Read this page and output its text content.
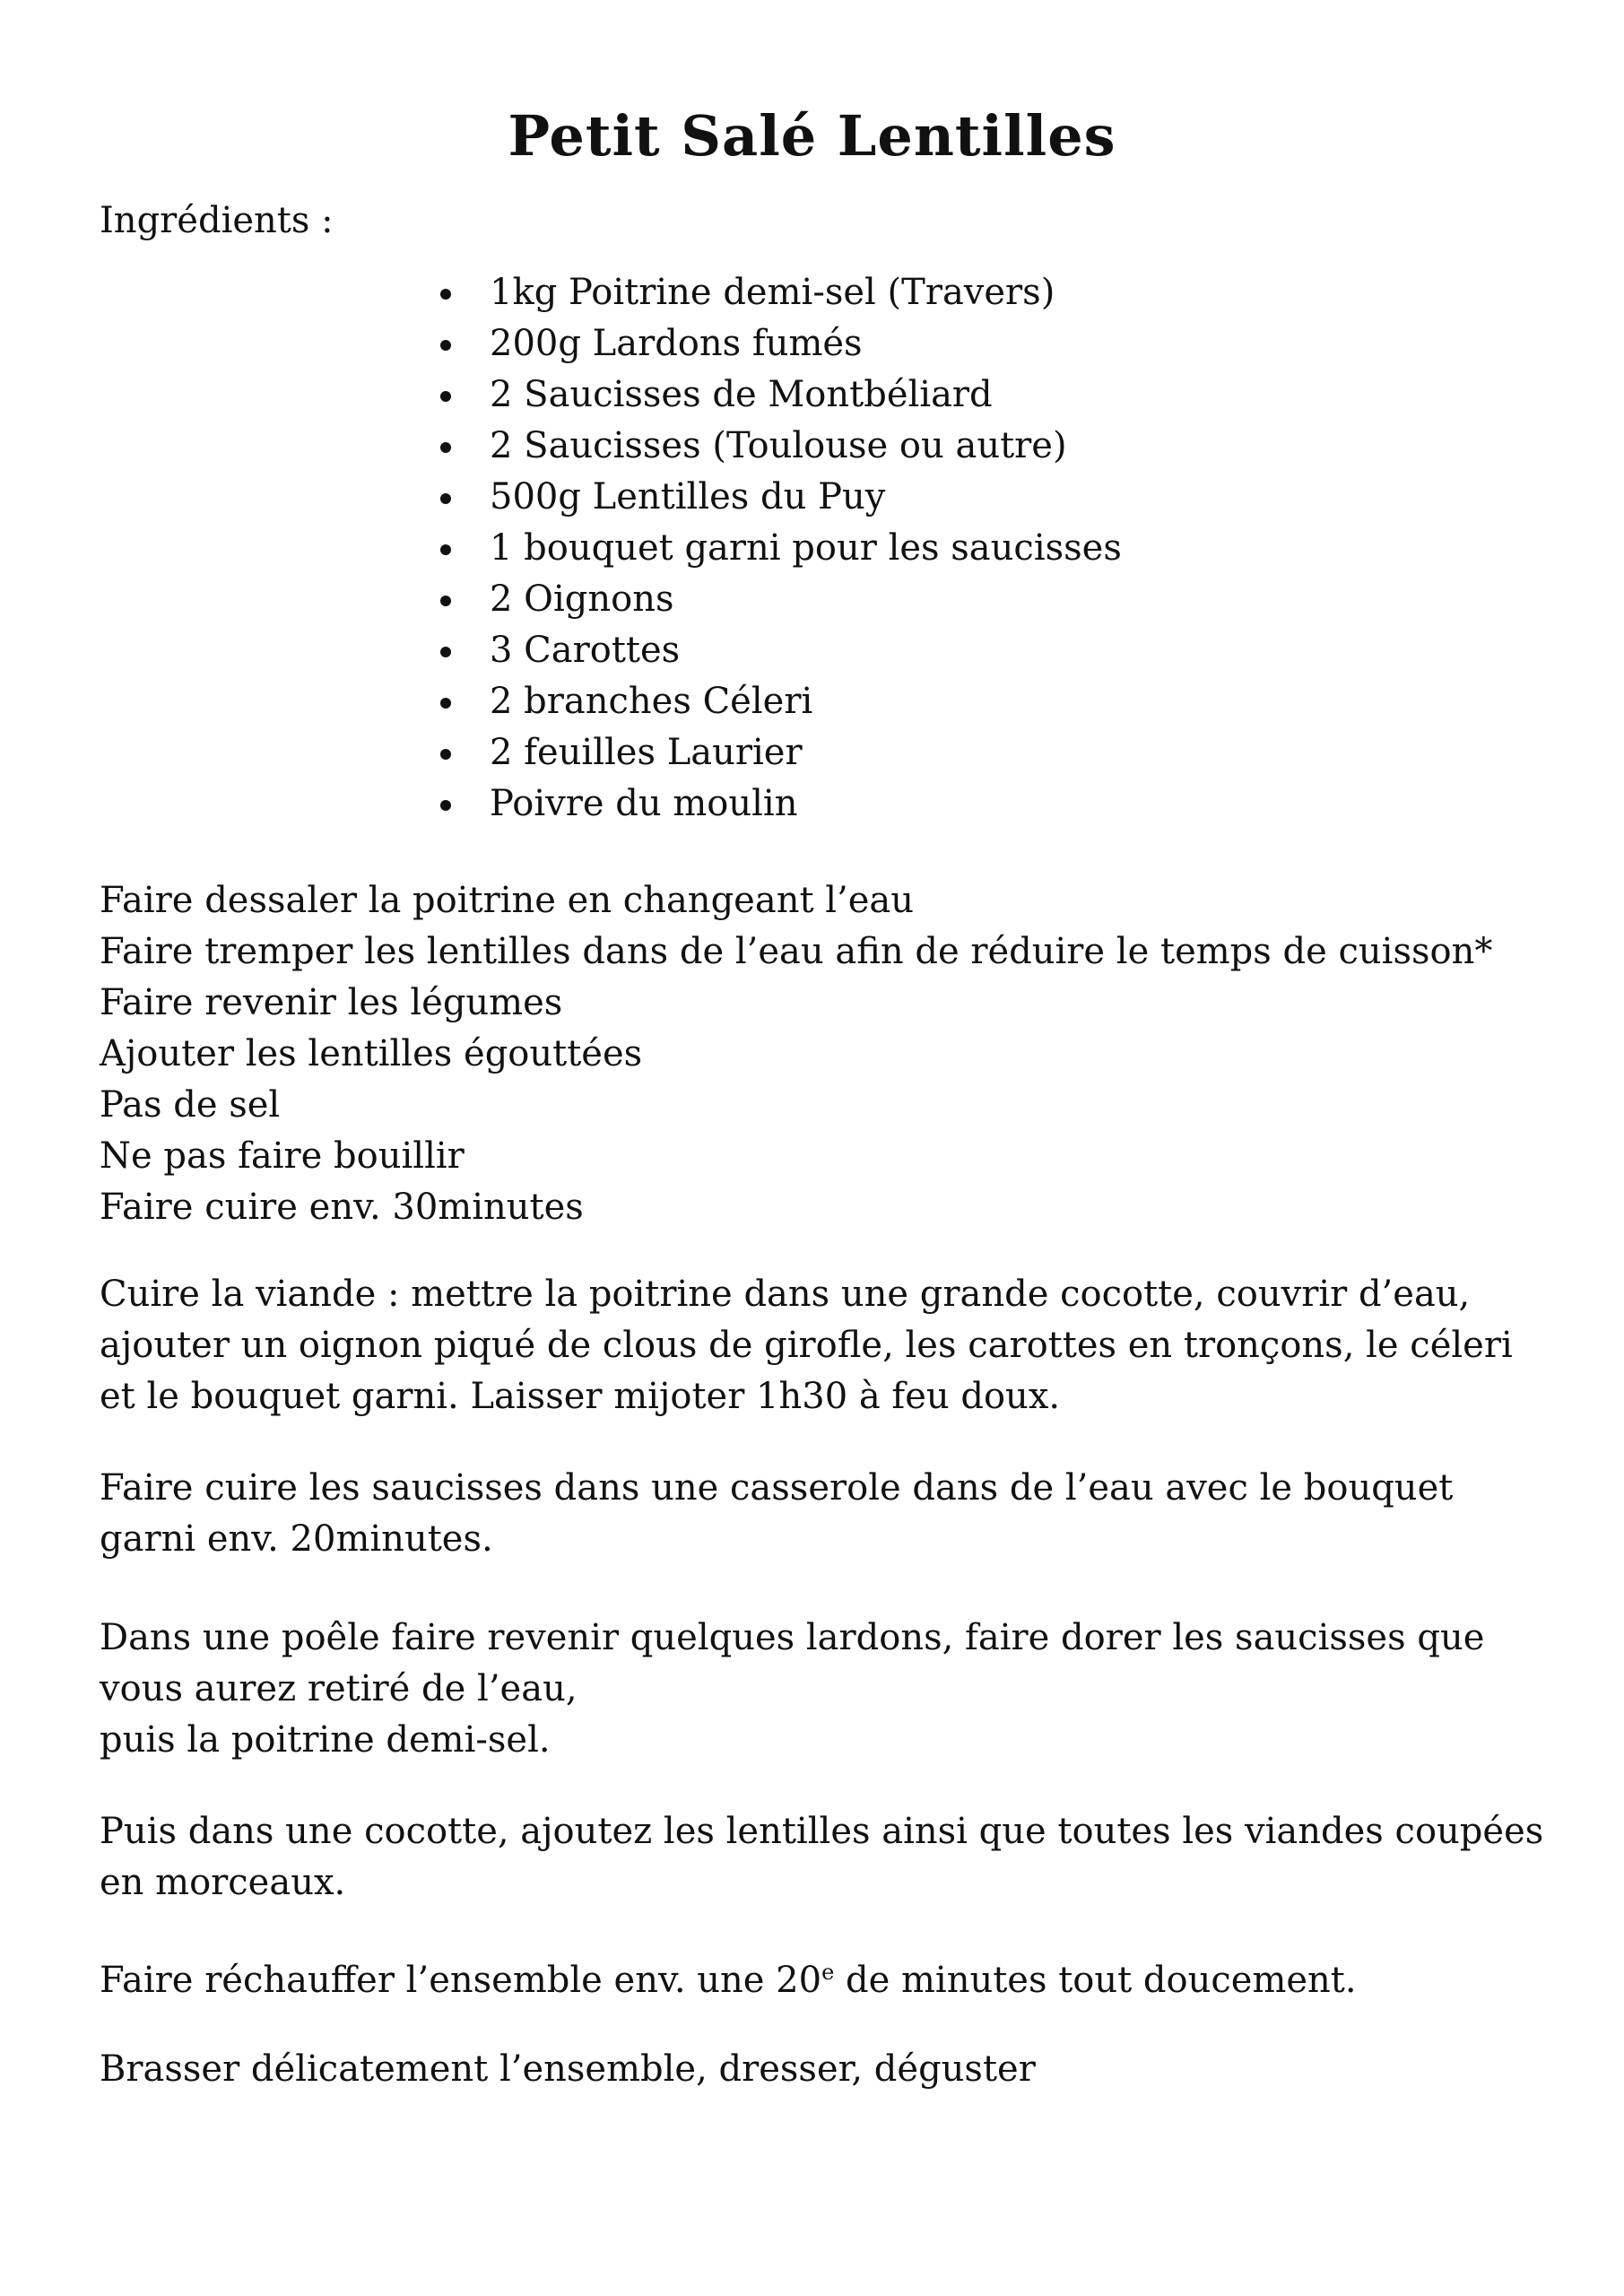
Petit Salé Lentilles

Ingrédients :

1kg Poitrine demi-sel (Travers)
200g Lardons fumés
2 Saucisses de Montbéliard
2 Saucisses (Toulouse ou autre)
500g Lentilles du Puy
1 bouquet garni pour les saucisses
2 Oignons
3 Carottes
2 branches Céleri
2 feuilles Laurier
Poivre du moulin

Faire dessaler la poitrine en changeant l’eau

Faire tremper les lentilles dans de l’eau afin de réduire le temps de cuisson*

Faire revenir les légumes

Ajouter les lentilles égouttées

Pas de sel

Ne pas faire bouillir

Faire cuire env. 30minutes

Cuire la viande : mettre la poitrine dans une grande cocotte, couvrir d’eau, ajouter un oignon piqué de clous de girofle, les carottes en tronçons, le céleri et le bouquet garni. Laisser mijoter 1h30 à feu doux.

Faire cuire les saucisses dans une casserole dans de l’eau avec le bouquet garni env. 20minutes.

Dans une poêle faire revenir quelques lardons, faire dorer les saucisses que vous aurez retiré de l’eau,

puis la poitrine demi-sel.

Puis dans une cocotte, ajoutez les lentilles ainsi que toutes les viandes coupées en morceaux.

Faire réchauffer l’ensemble env. une 20e de minutes tout doucement.

Brasser délicatement l’ensemble, dresser, déguster
